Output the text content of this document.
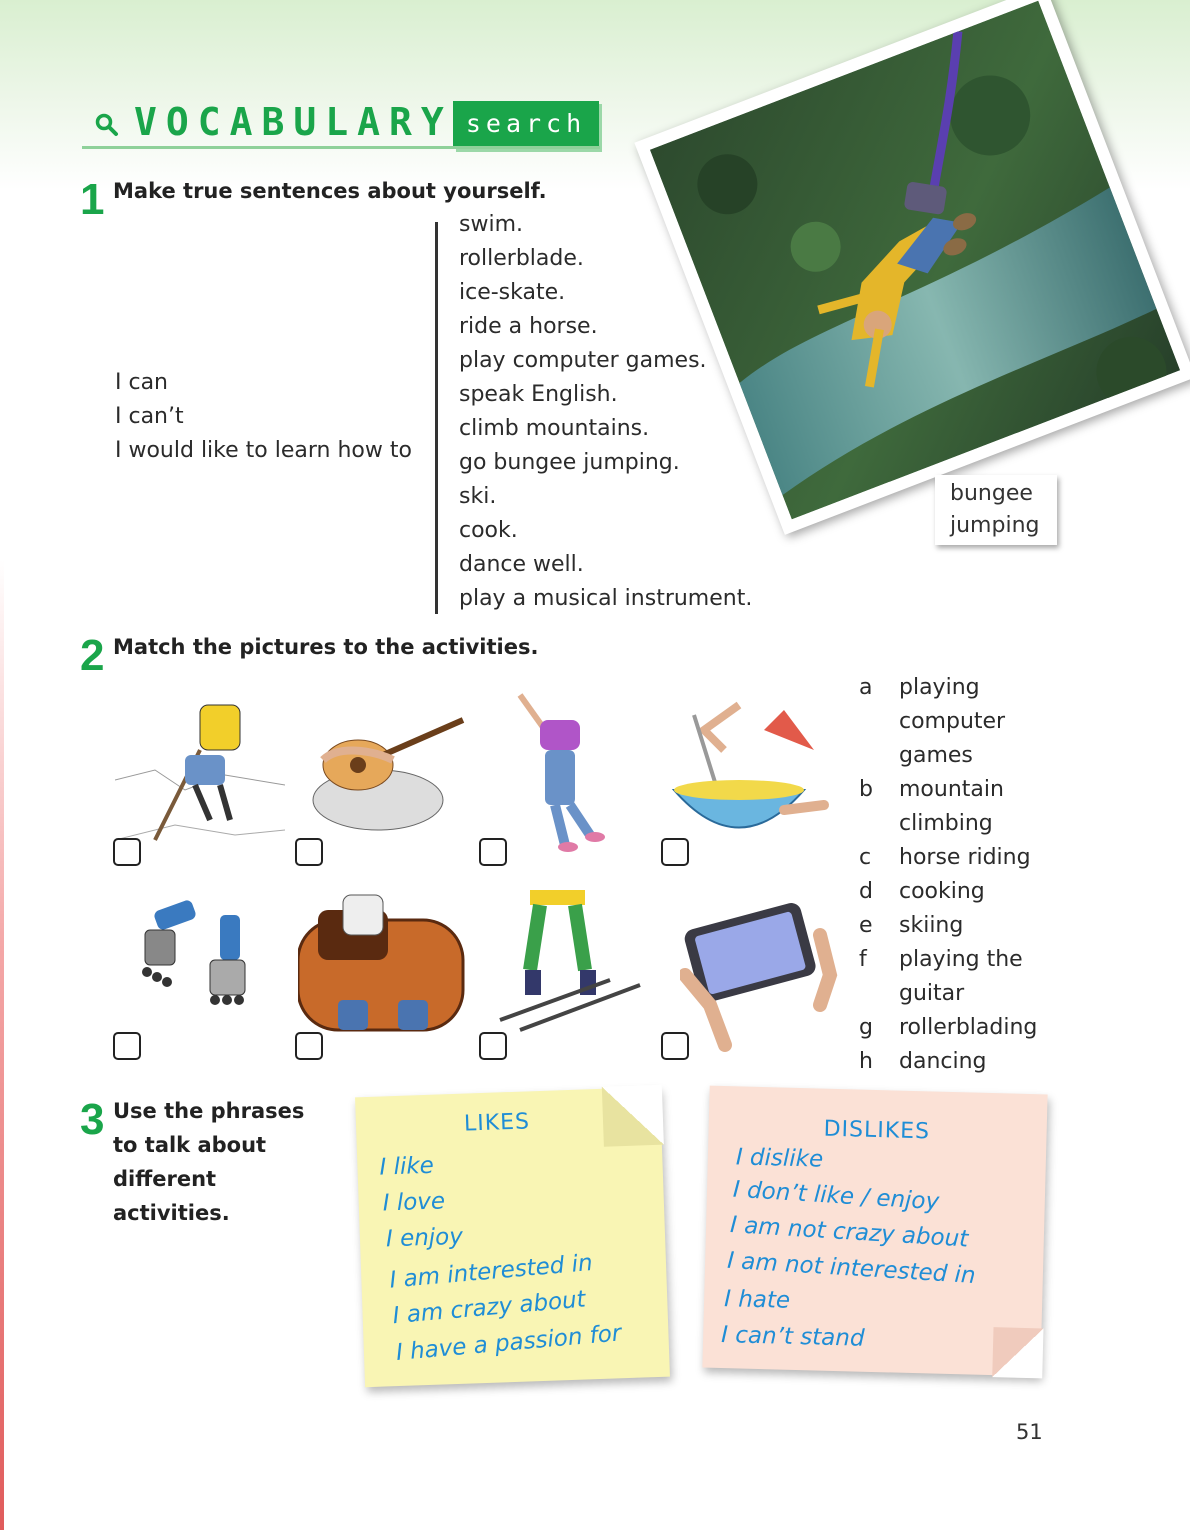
VOCABULARY search
1 Make true sentences about yourself.
I can
I can’t
I would like to learn how to
swim.
rollerblade.
ice-skate.
ride a horse.
play computer games.
speak English.
climb mountains.
go bungee jumping.
ski.
cook.
dance well.
play a musical instrument.
bungee
jumping
2 Match the pictures to the activities.
a	playing
computer
games
b	mountain
climbing
c	horse riding
d	cooking
e	skiing
f	playing the
guitar
g	rollerblading
h	dancing
3 Use the phrases
to talk about
different
activities.
LIKES
I like
I love
I enjoy
I am interested in
I am crazy about
I have a passion for
DISLIKES
I dislike
I don’t like / enjoy
I am not crazy about
I am not interested in
I hate
I can’t stand
51
